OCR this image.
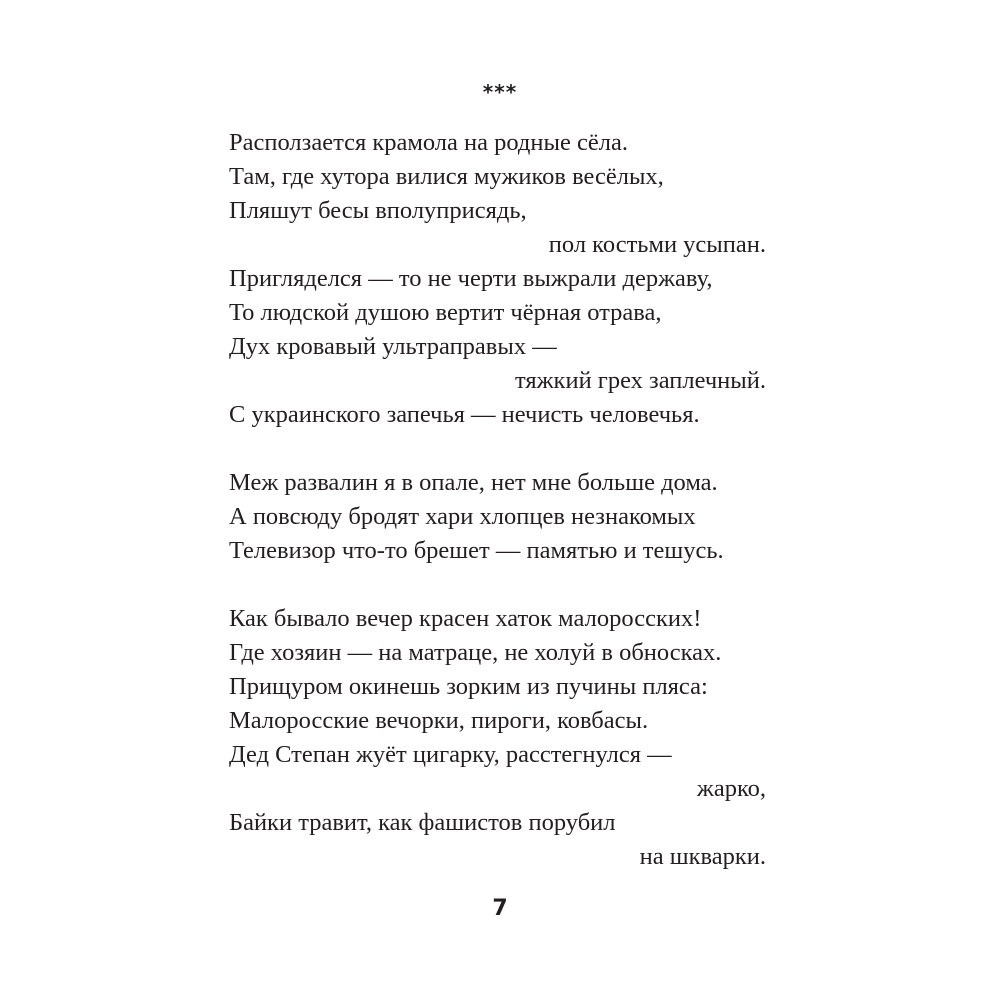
***
Расползается крамола на родные сёла.
Там, где хутора вилися мужиков весёлых,
Пляшут бесы вполуприсядь,
пол костьми усыпан.
Пригляделся — то не черти выжрали державу,
То людской душою вертит чёрная отрава,
Дух кровавый ультраправых —
тяжкий грех заплечный.
С украинского запечья — нечисть человечья.
Меж развалин я в опале, нет мне больше дома.
А повсюду бродят хари хлопцев незнакомых
Телевизор что-то брешет — памятью и тешусь.
Как бывало вечер красен хаток малоросских!
Где хозяин — на матраце, не холуй в обносках.
Прищуром окинешь зорким из пучины пляса:
Малоросские вечорки, пироги, ковбасы.
Дед Степан жуёт цигарку, расстегнулся —
жарко,
Байки травит, как фашистов порубил
на шкварки.
7
